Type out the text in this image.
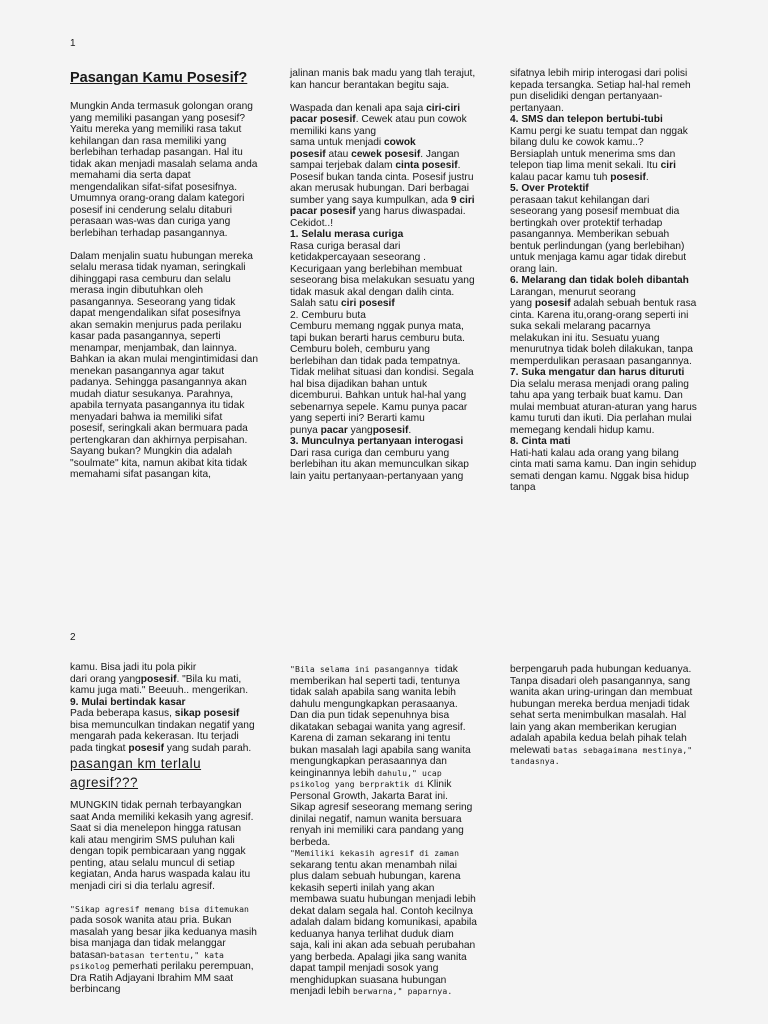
1
Pasangan Kamu Posesif?

Mungkin Anda termasuk golongan orang yang memiliki pasangan yang posesif? Yaitu mereka yang memiliki rasa takut kehilangan dan rasa memiliki yang berlebihan terhadap pasangan. Hal itu tidak akan menjadi masalah selama anda memahami dia serta dapat mengendalikan sifat-sifat posesifnya. Umumnya orang-orang dalam kategori posesif ini cenderung selalu ditaburi perasaan was-was dan curiga yang berlebihan terhadap pasangannya.

Dalam menjalin suatu hubungan mereka selalu merasa tidak nyaman, seringkali dihinggapi rasa cemburu dan selalu merasa ingin dibutuhkan oleh pasangannya. Seseorang yang tidak dapat mengendalikan sifat posesifnya akan semakin menjurus pada perilaku kasar pada pasangannya, seperti menampar, menjambak, dan lainnya. Bahkan ia akan mulai mengintimidasi dan menekan pasangannya agar takut padanya. Sehingga pasangannya akan mudah diatur sesukanya. Parahnya, apabila ternyata pasangannya itu tidak menyadari bahwa ia memiliki sifat posesif, seringkali akan bermuara pada pertengkaran dan akhirnya perpisahan. Sayang bukan? Mungkin dia adalah "soulmate" kita, namun akibat kita tidak memahami sifat pasangan kita,

jalinan manis bak madu yang tlah terajut, kan hancur berantakan begitu saja.

Waspada dan kenali apa saja ciri-ciri pacar posesif. Cewek atau pun cowok memiliki kans yang
sama untuk menjadi cowok
posesif atau cewek posesif. Jangan sampai terjebak dalam cinta posesif. Posesif bukan tanda cinta. Posesif justru akan merusak hubungan. Dari berbagai sumber yang saya kumpulkan, ada 9 ciri pacar posesif yang harus diwaspadai. Cekidot..!
1. Selalu merasa curiga
Rasa curiga berasal dari ketidakpercayaan seseorang . Kecurigaan yang berlebihan membuat seseorang bisa melakukan sesuatu yang tidak masuk akal dengan dalih cinta. Salah satu ciri posesif
2. Cemburu buta
Cemburu memang nggak punya mata, tapi bukan berarti harus cemburu buta. Cemburu boleh, cemburu yang berlebihan dan tidak pada tempatnya. Tidak melihat situasi dan kondisi. Segala hal bisa dijadikan bahan untuk dicemburui. Bahkan untuk hal-hal yang sebenarnya sepele. Kamu punya pacar yang seperti ini? Berarti kamu
punya pacar yangposesif.
3. Munculnya pertanyaan interogasi
Dari rasa curiga dan cemburu yang berlebihan itu akan memunculkan sikap lain yaitu pertanyaan-pertanyaan yang
sifatnya lebih mirip interogasi dari polisi kepada tersangka. Setiap hal-hal remeh pun diselidiki dengan pertanyaan-pertanyaan.
4. SMS dan telepon bertubi-tubi
Kamu pergi ke suatu tempat dan nggak bilang dulu ke cowok kamu..?
Bersiaplah untuk menerima sms dan telepon tiap lima menit sekali. Itu ciri kalau pacar kamu tuh posesif.
5. Over Protektif
perasaan takut kehilangan dari seseorang yang posesif membuat dia bertingkah over protektif terhadap pasangannya. Memberikan sebuah bentuk perlindungan (yang berlebihan) untuk menjaga kamu agar tidak direbut orang lain.
6. Melarang dan tidak boleh dibantah
Larangan, menurut seorang
yang posesif adalah sebuah bentuk rasa cinta. Karena itu,orang-orang seperti ini suka sekali melarang pacarnya melakukan ini itu. Sesuatu yuang menurutnya tidak boleh dilakukan, tanpa memperdulikan perasaan pasangannya.
7. Suka mengatur dan harus dituruti
Dia selalu merasa menjadi orang paling tahu apa yang terbaik buat kamu. Dan mulai membuat aturan-aturan yang harus kamu turuti dan ikuti. Dia perlahan mulai memegang kendali hidup kamu.
8. Cinta mati
Hati-hati kalau ada orang yang bilang cinta mati sama kamu. Dan ingin sehidup semati dengan kamu. Nggak bisa hidup tanpa
2
kamu. Bisa jadi itu pola pikir
dari orang yangposesif. "Bila ku mati, kamu juga mati." Beeuuh.. mengerikan.
9. Mulai bertindak kasar
Pada beberapa kasus, sikap posesif bisa memunculkan tindakan negatif yang mengarah pada kekerasan. Itu terjadi pada tingkat posesif yang sudah parah.
pasangan km terlalu agresif???

MUNGKIN tidak pernah terbayangkan saat Anda memiliki kekasih yang agresif. Saat si dia menelepon hingga ratusan kali atau mengirim SMS puluhan kali dengan topik pembicaraan yang nggak penting, atau selalu muncul di setiap kegiatan, Anda harus waspada kalau itu menjadi ciri si dia terlalu agresif.

"Sikap agresif memang bisa ditemukan pada sosok wanita atau pria. Bukan masalah yang besar jika keduanya masih bisa manjaga dan tidak melanggar batasan-batasan tertentu," kata psikolog pemerhati perilaku perempuan, Dra Ratih Adjayani Ibrahim MM saat berbincang
"Bila selama ini pasangannya tidak memberikan hal seperti tadi, tentunya tidak salah apabila sang wanita lebih dahulu mengungkapkan perasaanya. Dan dia pun tidak sepenuhnya bisa dikatakan sebagai wanita yang agresif. Karena di zaman sekarang ini tentu bukan masalah lagi apabila sang wanita mengungkapkan perasaannya dan keinginannya lebih dahulu," ucap psikolog yang berpraktik di Klinik Personal Growth, Jakarta Barat ini.
Sikap agresif seseorang memang sering dinilai negatif, namun wanita bersuara renyah ini memiliki cara pandang yang berbeda.
"Memiliki kekasih agresif di zaman sekarang tentu akan menambah nilai plus dalam sebuah hubungan, karena kekasih seperti inilah yang akan membawa suatu hubungan menjadi lebih dekat dalam segala hal. Contoh kecilnya adalah dalam bidang komunikasi, apabila keduanya hanya terlihat duduk diam saja, kali ini akan ada sebuah perubahan yang berbeda. Apalagi jika sang wanita dapat tampil menjadi sosok yang menghidupkan suasana hubungan menjadi lebih berwarna," paparnya.
berpengaruh pada hubungan keduanya. Tanpa disadari oleh pasangannya, sang wanita akan uring-uringan dan membuat hubungan mereka berdua menjadi tidak sehat serta menimbulkan masalah. Hal lain yang akan memberikan kerugian adalah apabila kedua belah pihak telah melewati batas sebagaimana mestinya," tandasnya.
